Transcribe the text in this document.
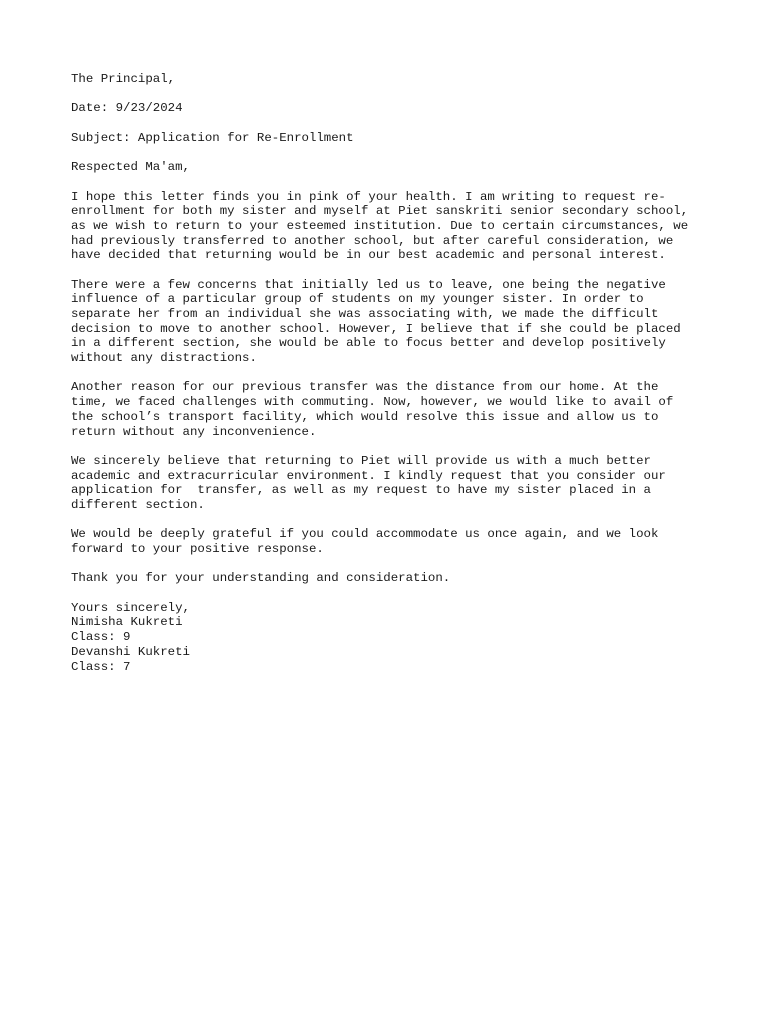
The Principal,
Date: 9/23/2024
Subject: Application for Re-Enrollment
Respected Ma'am,
I hope this letter finds you in pink of your health. I am writing to request re-
enrollment for both my sister and myself at Piet sanskriti senior secondary school,
as we wish to return to your esteemed institution. Due to certain circumstances, we
had previously transferred to another school, but after careful consideration, we
have decided that returning would be in our best academic and personal interest.
There were a few concerns that initially led us to leave, one being the negative
influence of a particular group of students on my younger sister. In order to
separate her from an individual she was associating with, we made the difficult
decision to move to another school. However, I believe that if she could be placed
in a different section, she would be able to focus better and develop positively
without any distractions.
Another reason for our previous transfer was the distance from our home. At the
time, we faced challenges with commuting. Now, however, we would like to avail of
the school’s transport facility, which would resolve this issue and allow us to
return without any inconvenience.
We sincerely believe that returning to Piet will provide us with a much better
academic and extracurricular environment. I kindly request that you consider our
application for  transfer, as well as my request to have my sister placed in a
different section.
We would be deeply grateful if you could accommodate us once again, and we look
forward to your positive response.
Thank you for your understanding and consideration.
Yours sincerely,
Nimisha Kukreti
Class: 9
Devanshi Kukreti
Class: 7
